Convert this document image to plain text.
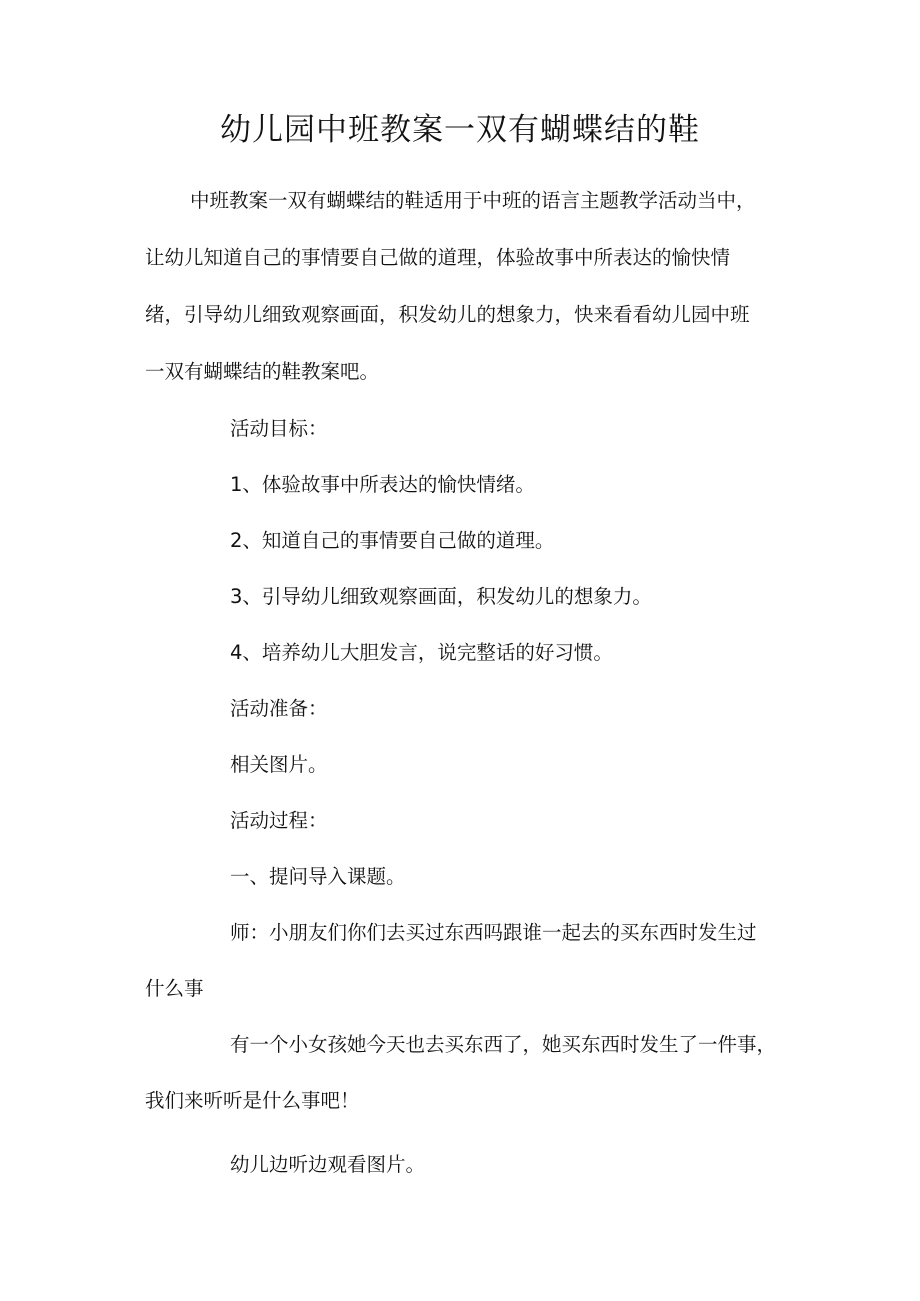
幼儿园中班教案一双有蝴蝶结的鞋

中班教案一双有蝴蝶结的鞋适用于中班的语言主题教学活动当中，

让幼儿知道自己的事情要自己做的道理，体验故事中所表达的愉快情

绪，引导幼儿细致观察画面，积发幼儿的想象力，快来看看幼儿园中班

一双有蝴蝶结的鞋教案吧。

活动目标：

1、体验故事中所表达的愉快情绪。

2、知道自己的事情要自己做的道理。

3、引导幼儿细致观察画面，积发幼儿的想象力。

4、培养幼儿大胆发言，说完整话的好习惯。

活动准备：

相关图片。

活动过程：

一、提问导入课题。

师：小朋友们你们去买过东西吗跟谁一起去的买东西时发生过

什么事

有一个小女孩她今天也去买东西了，她买东西时发生了一件事，

我们来听听是什么事吧！

幼儿边听边观看图片。
